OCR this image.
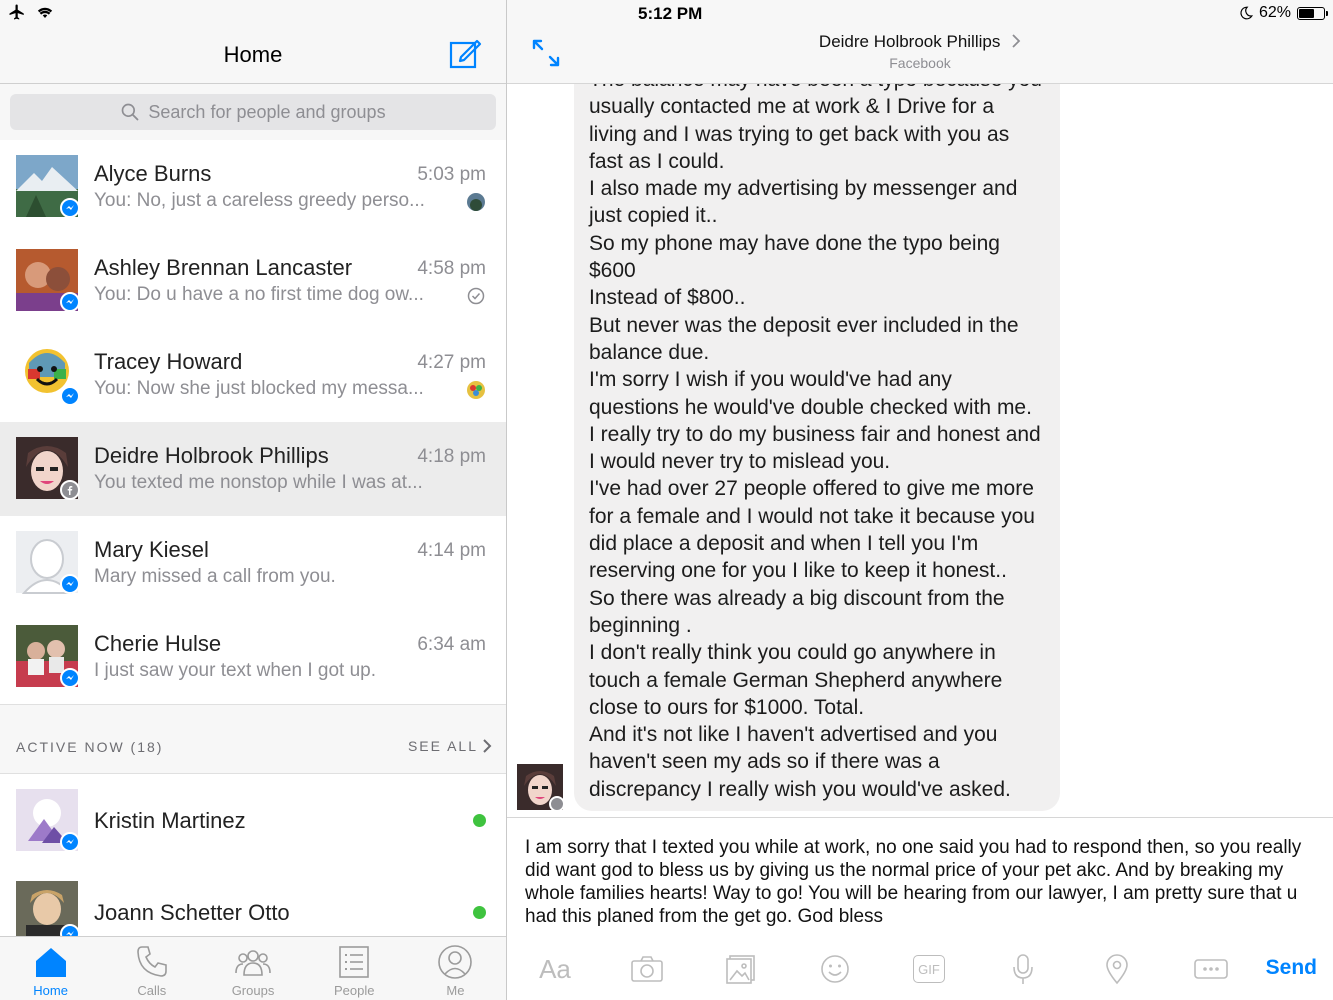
5:12 PM	62%
Home
Search for people and groups
Alyce Burns	5:03 pm
You: No, just a careless greedy perso...
Ashley Brennan Lancaster	4:58 pm
You: Do u have a no first time dog ow...
Tracey Howard	4:27 pm
You: Now she just blocked my messa...
Deidre Holbrook Phillips	4:18 pm
You texted me nonstop while I was at...
Mary Kiesel	4:14 pm
Mary missed a call from you.
Cherie Hulse	6:34 am
I just saw your text when I got up.
ACTIVE NOW (18)	SEE ALL
Kristin Martinez
Joann Schetter Otto
Home	Calls	Groups	People	Me
Deidre Holbrook Phillips
Facebook
usually contacted me at work & I Drive for a
living and I was trying to get back with you as
fast as I could.
I also made my advertising by messenger and
just copied it..
So my phone may have done the typo being
$600
Instead of $800..
But never was the deposit ever included in the
balance due.
I'm sorry I wish if you would've had any
questions he would've double checked with me.
I really try to do my business fair and honest and
I would never try to mislead you.
I've had over 27 people offered to give me more
for a female and I would not take it because you
did place a deposit and when I tell you I'm
reserving one for you I like to keep it honest..
So there was already a big discount from the
beginning .
I don't really think you could go anywhere in
touch a female German Shepherd anywhere
close to ours for $1000. Total.
And it's not like I haven't advertised and you
haven't seen my ads so if there was a
discrepancy I really wish you would've asked.
I am sorry that I texted you while at work, no one said you had to respond then, so you really did want god to bless us by giving us the normal price of your pet akc. And by breaking my whole families hearts! Way to go! You will be hearing from our lawyer, I am pretty sure that u had this planed from the get go. God bless
Aa	GIF	Send
